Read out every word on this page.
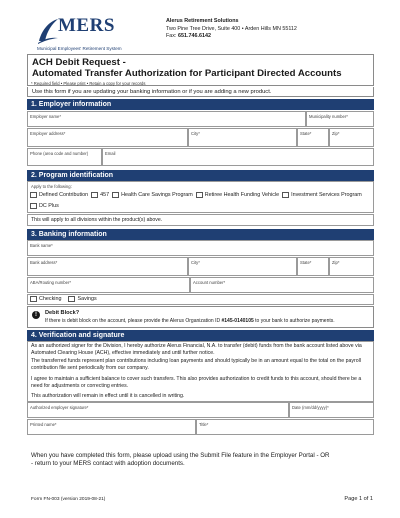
MERS
Municipal Employees' Retirement System
Alerus Retirement Solutions
Two Pine Tree Drive, Suite 400 • Arden Hills MN 55112
Fax: 651.746.6142
ACH Debit Request -
Automated Transfer Authorization for Participant Directed Accounts
* Required field • Please print • Retain a copy for your records
Use this form if you are updating your banking information or if you are adding a new product.
1. Employer information
Employer name*	Municipality number*
Employer address*	City*	State*	Zip*
Phone (area code and number)	Email
2. Program identification
Apply to the following:
Defined Contribution 457 Health Care Savings Program Retiree Health Funding Vehicle Investment Services Program
DC Plus
This will apply to all divisions within the product(s) above.
3. Banking information
Bank name*
Bank address*	City*	State*	Zip*
ABA/Routing number*	Account number*
Checking	Savings
!	Debit Block?
If there is debit block on the account, please provide the Alerus Organization ID #145-0140105 to your bank to authorize payments.
4. Verification and signature
As an authorized signer for the Division, I hereby authorize Alerus Financial, N.A. to transfer (debit) funds from the bank account listed above via Automated Clearing House (ACH), effective immediately and until further notice.
The transferred funds represent plan contributions including loan payments and should typically be in an amount equal to the total on the payroll contribution file sent periodically from our company.
I agree to maintain a sufficient balance to cover such transfers. This also provides authorization to credit funds to this account, should there be a need for adjustments or correcting entries.
This authorization will remain in effect until it is cancelled in writing.
Authorized employer signature*	Date (mm/dd/yyyy)*
Printed name*	Title*
When you have completed this form, please upload using the Submit File feature in the Employer Portal - OR - return to your MERS contact with adoption documents.
Form FN-003 (version 2019-08-21)	Page 1 of 1
